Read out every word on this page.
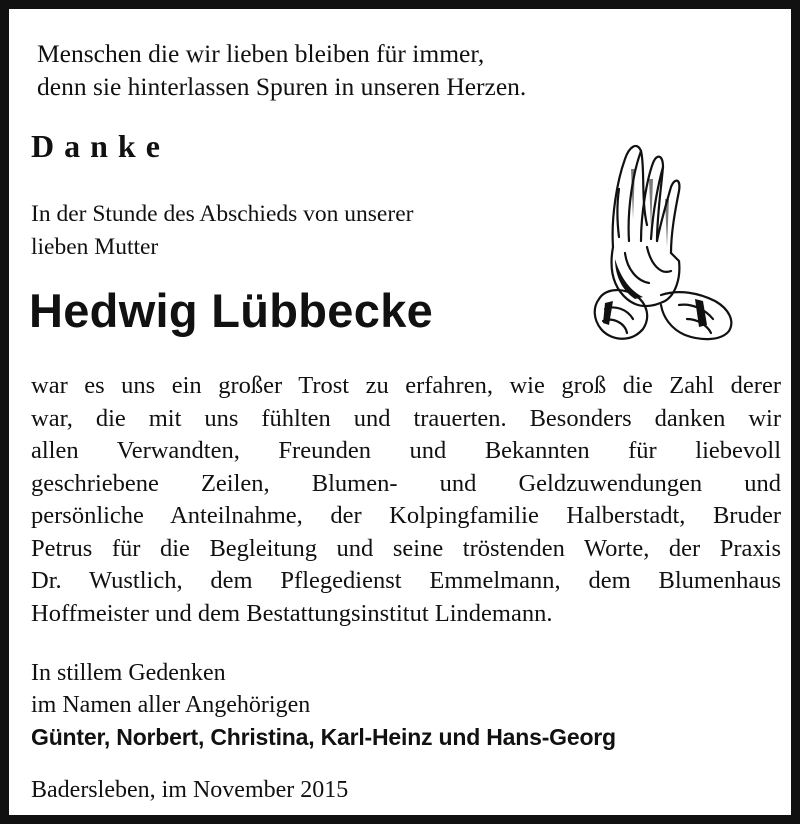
Menschen die wir lieben bleiben für immer,
denn sie hinterlassen Spuren in unseren Herzen.
Danke
In der Stunde des Abschieds von unserer
lieben Mutter
Hedwig Lübbecke
war es uns ein großer Trost zu erfahren, wie groß die Zahl derer
war, die mit uns fühlten und trauerten. Besonders danken wir
allen Verwandten, Freunden und Bekannten für liebevoll
geschriebene Zeilen, Blumen- und Geldzuwendungen und
persönliche Anteilnahme, der Kolpingfamilie Halberstadt, Bruder
Petrus für die Begleitung und seine tröstenden Worte, der Praxis
Dr. Wustlich, dem Pflegedienst Emmelmann, dem Blumenhaus
Hoffmeister und dem Bestattungsinstitut Lindemann.
In stillem Gedenken
im Namen aller Angehörigen
Günter, Norbert, Christina, Karl-Heinz und Hans-Georg
Badersleben, im November 2015
